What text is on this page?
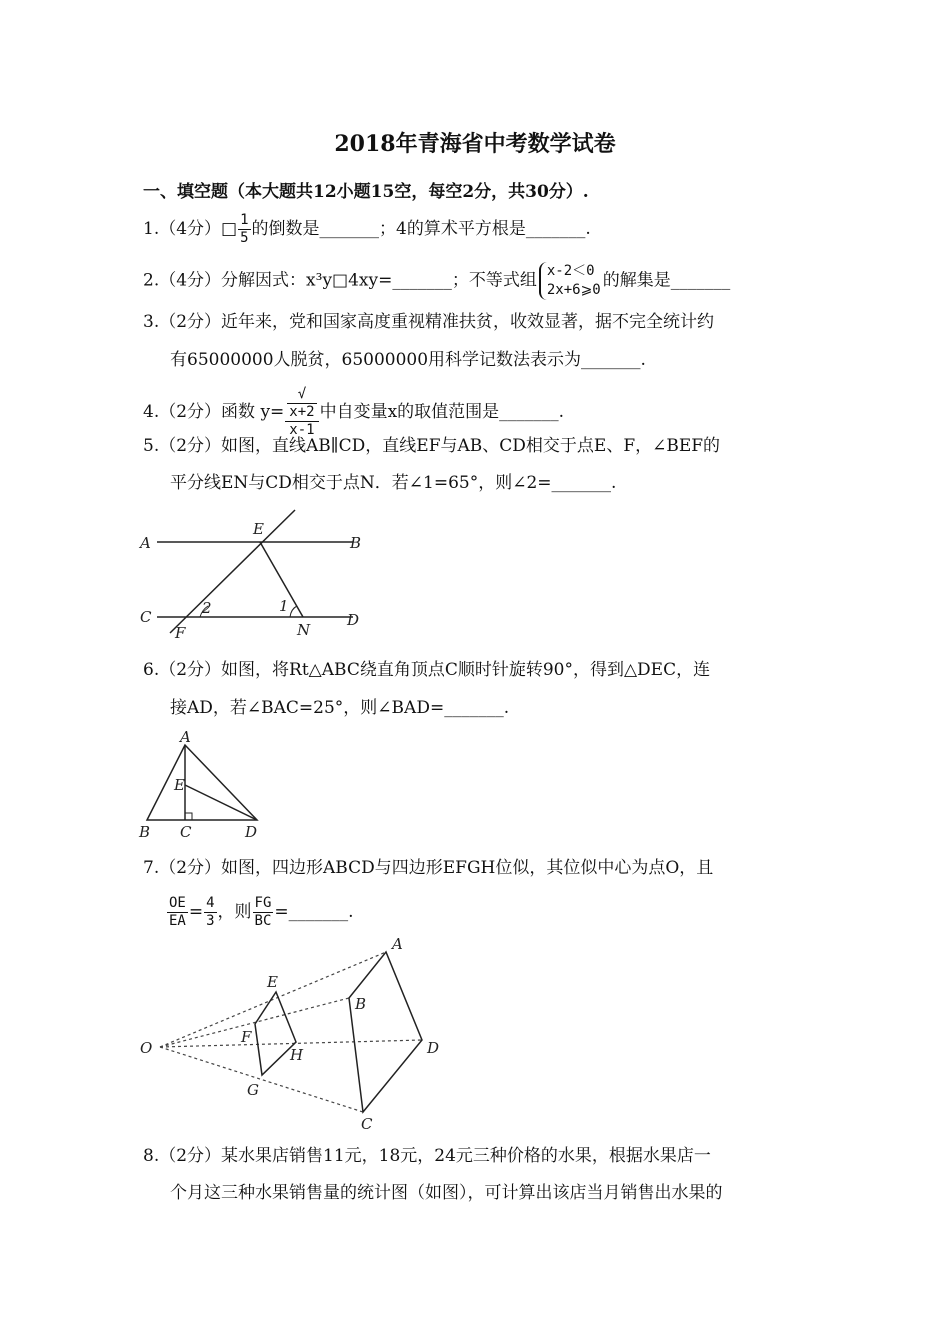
2018年青海省中考数学试卷
一、填空题（本大题共12小题15空，每空2分，共30分）.
1.（4分）□ $\frac{1}{5}$ 的倒数是_______；4的算术平方根是_______.
2.（4分）分解因式：x³y□4xy=_______；不等式组 x-2＜0
2x+6⩾0 的解集是_______
3.（2分）近年来，党和国家高度重视精准扶贫，收效显著，据不完全统计约
有65000000人脱贫，65000000用科学记数法表示为_______.
4.（2分）函数 y= √
x+2
x-1 中自变量x的取值范围是_______.
5.（2分）如图，直线AB∥CD，直线EF与AB、CD相交于点E、F，∠BEF的
平分线EN与CD相交于点N．若∠1=65°，则∠2=_______.
A
E
B
C	2	1
D
F	N
6.（2分）如图，将Rt△ABC绕直角顶点C顺时针旋转90°，得到△DEC，连
接AD，若∠BAC=25°，则∠BAD=_______.
A
E
B C	D
7.（2分）如图，四边形ABCD与四边形EFGH位似，其位似中心为点O，且
$\frac{OE}{EA} = \frac{4}{3}$ ，则 $\frac{FG}{BC}$ =_______.
A
E
B
F
O	H	D
G
C
8.（2分）某水果店销售11元，18元，24元三种价格的水果，根据水果店一
个月这三种水果销售量的统计图（如图），可计算出该店当月销售出水果的
